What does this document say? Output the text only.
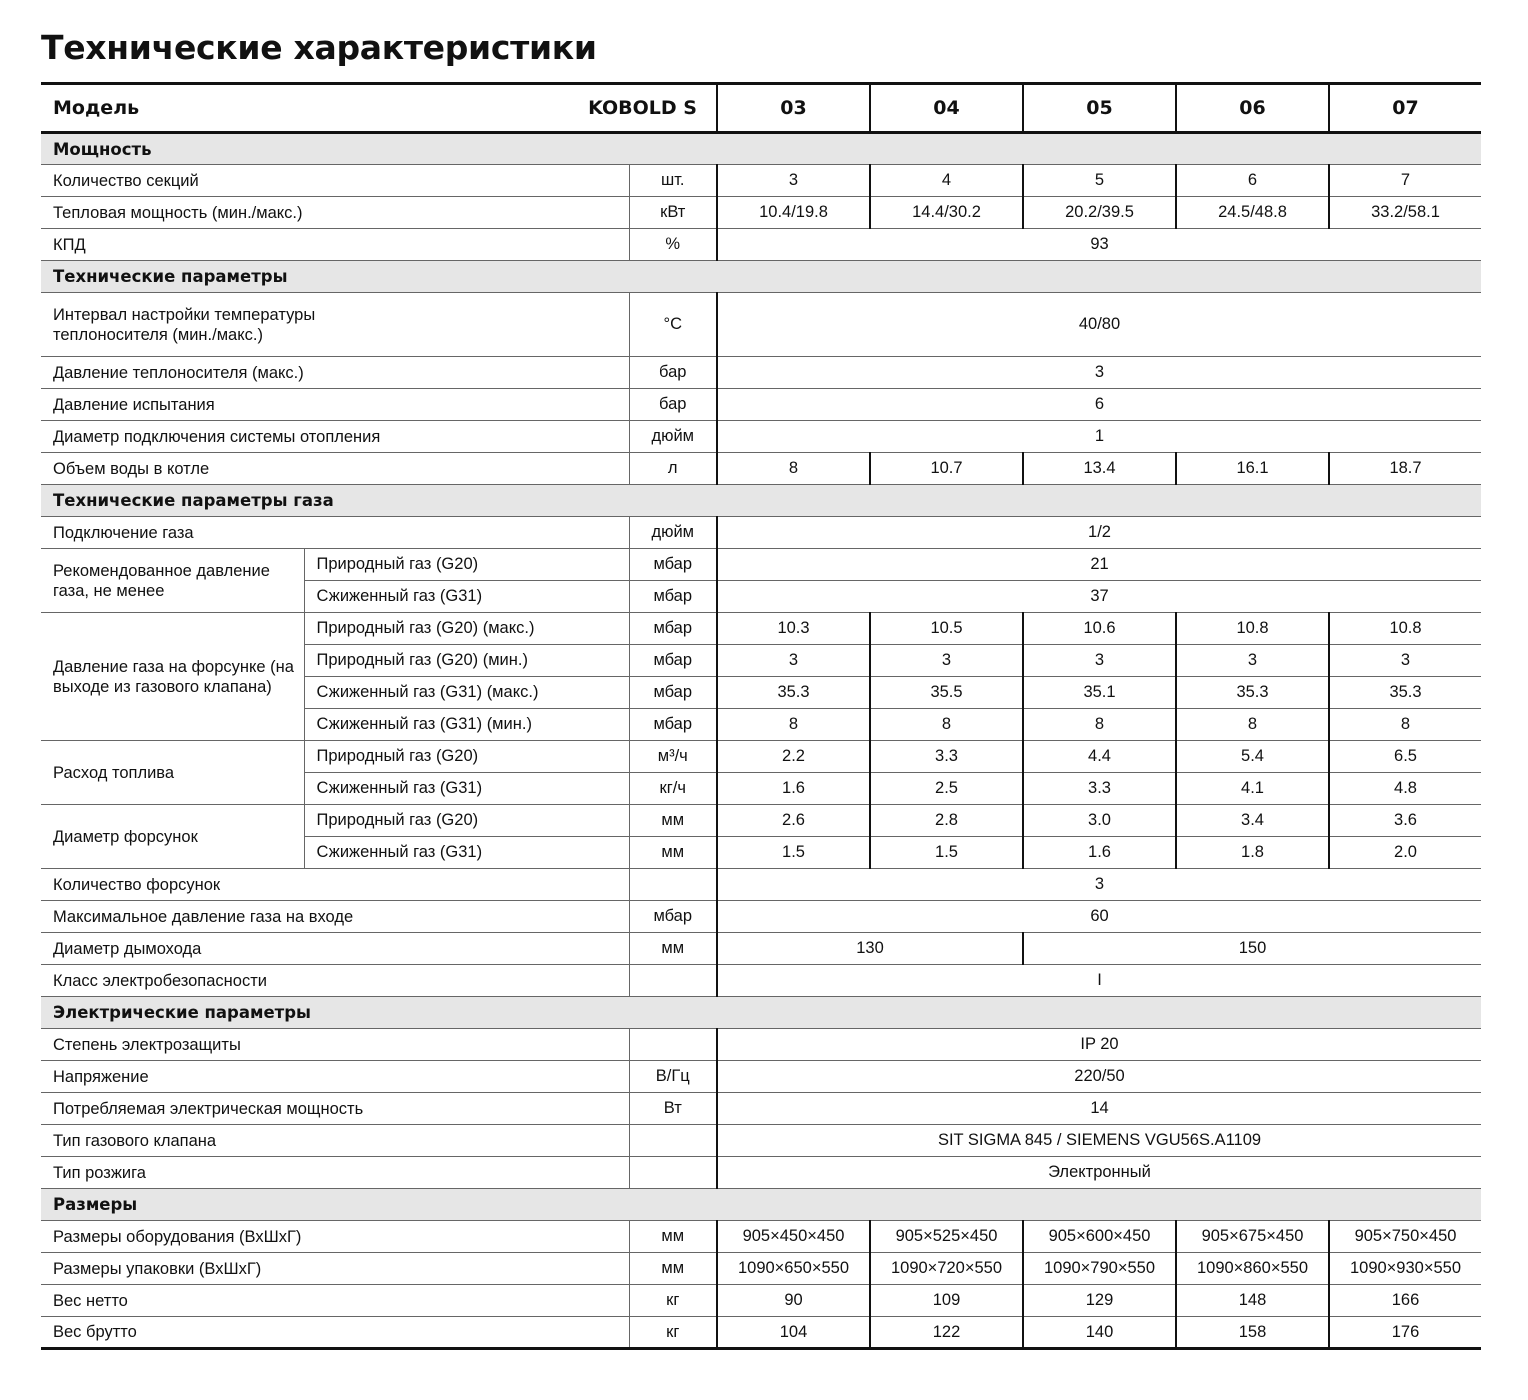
Технические характеристики
Модель	KOBOLD S		03	04	05	06	07
Мощность							
Количество секций		шт.	3	4	5	6	7
Тепловая мощность (мин./макс.)		кВт	10.4/19.8	14.4/30.2	20.2/39.5	24.5/48.8	33.2/58.1
КПД		%	93				
Технические параметры							

Интервал настройки температуры теплоносителя (мин./макс.)		°C	40/80				
Давление теплоносителя (макс.)		бар	3				
Давление испытания		бар	6				
Диаметр подключения системы отопления		дюйм	1				
Объем воды в котле		л	8	10.7	13.4	16.1	18.7
Технические параметры газа							
Подключение газа		дюйм	1/2				
Рекомендованное давление газа, не менее	Природный газ (G20)	мбар	21				
	Сжиженный газ (G31)	мбар	37				
Давление газа на форсунке (на выходе из газового клапана)	Природный газ (G20) (макс.)	мбар	10.3	10.5	10.6	10.8	10.8
	Природный газ (G20) (мин.)	мбар	3	3	3	3	3
	Сжиженный газ (G31) (макс.)	мбар	35.3	35.5	35.1	35.3	35.3
	Сжиженный газ (G31) (мин.)	мбар	8	8	8	8	8
Расход топлива	Природный газ (G20)	м³/ч	2.2	3.3	4.4	5.4	6.5
	Сжиженный газ (G31)	кг/ч	1.6	2.5	3.3	4.1	4.8
Диаметр форсунок	Природный газ (G20)	мм	2.6	2.8	3.0	3.4	3.6
	Сжиженный газ (G31)	мм	1.5	1.5	1.6	1.8	2.0
Количество форсунок			3				
Максимальное давление газа на входе		мбар	60				
Диаметр дымохода		мм	130		150		
Класс электробезопасности			I				
Электрические параметры							
Степень электрозащиты			IP 20				
Напряжение		В/Гц	220/50				
Потребляемая электрическая мощность		Вт	14				
Тип газового клапана			SIT SIGMA 845 / SIEMENS VGU56S.A1109				
Тип розжига			Электронный				
Размеры							
Размеры оборудования (ВхШхГ)		мм	905×450×450	905×525×450	905×600×450	905×675×450	905×750×450
Размеры упаковки (ВхШхГ)		мм	1090×650×550	1090×720×550	1090×790×550	1090×860×550	1090×930×550
Вес нетто		кг	90	109	129	148	166
Вес брутто		кг	104	122	140	158	176
